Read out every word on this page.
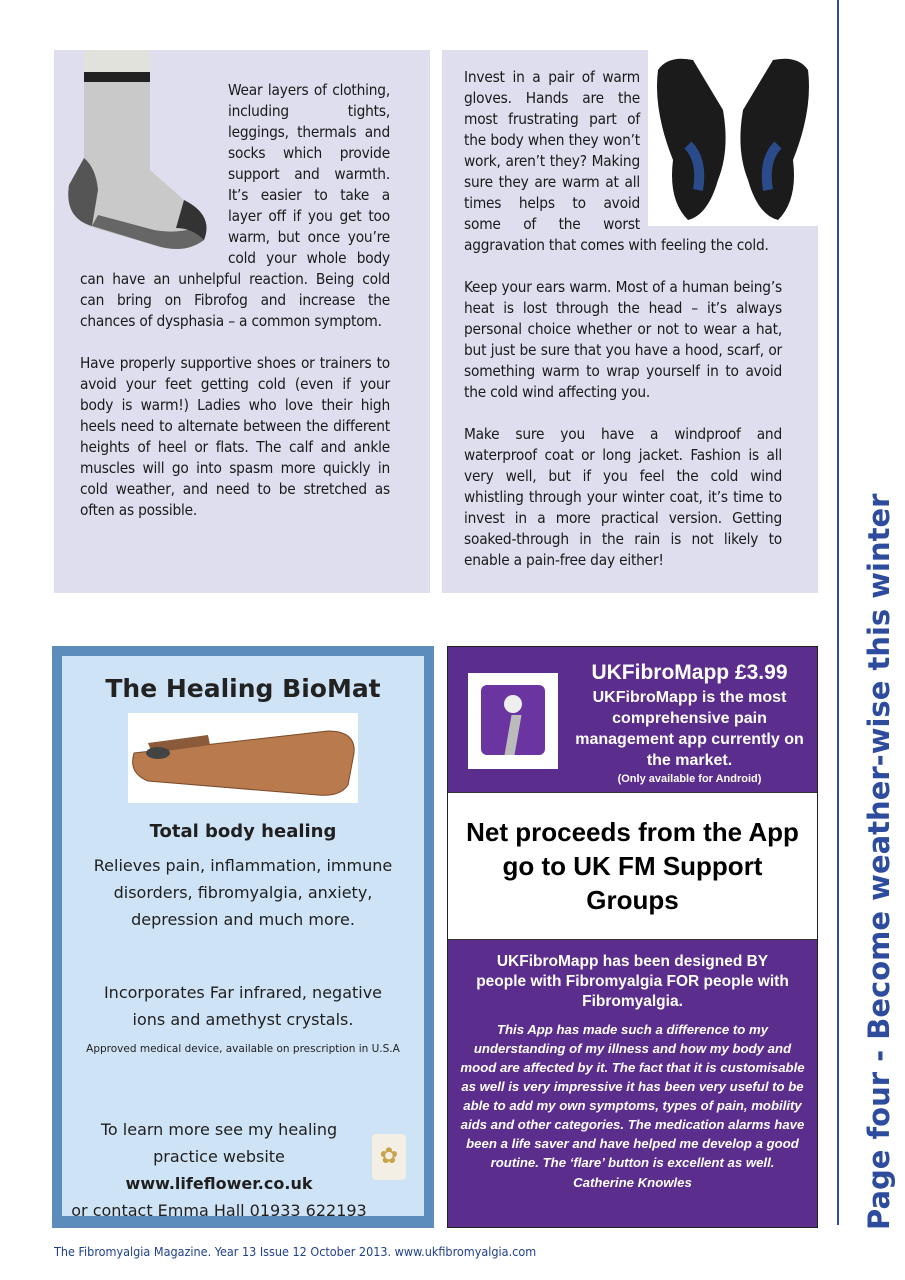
Wear layers of clothing, including tights, leggings, thermals and socks which provide support and warmth. It’s easier to take a layer off if you get too warm, but once you’re cold your whole body can have an unhelpful reaction. Being cold can bring on Fibrofog and increase the chances of dysphasia – a common symptom.

Have properly supportive shoes or trainers to avoid your feet getting cold (even if your body is warm!) Ladies who love their high heels need to alternate between the different heights of heel or flats. The calf and ankle muscles will go into spasm more quickly in cold weather, and need to be stretched as often as possible.

Invest in a pair of warm gloves. Hands are the most frustrating part of the body when they won’t work, aren’t they? Making sure they are warm at all times helps to avoid some of the worst aggravation that comes with feeling the cold.

Keep your ears warm. Most of a human being’s heat is lost through the head – it’s always personal choice whether or not to wear a hat, but just be sure that you have a hood, scarf, or something warm to wrap yourself in to avoid the cold wind affecting you.

Make sure you have a windproof and waterproof coat or long jacket. Fashion is all very well, but if you feel the cold wind whistling through your winter coat, it’s time to invest in a more practical version. Getting soaked-through in the rain is not likely to enable a pain-free day either!

The Healing BioMat
Total body healing
Relieves pain, inflammation, immune disorders, fibromyalgia, anxiety, depression and much more.
Incorporates Far infrared, negative ions and amethyst crystals.
Approved medical device, available on prescription in U.S.A
To learn more see my healing practice website www.lifeflower.co.uk
or contact Emma Hall 01933 622193
✿
UKFibroMapp £3.99
UKFibroMapp is the most comprehensive pain management app currently on the market.
(Only available for Android)
Net proceeds from the App go to UK FM Support Groups
UKFibroMapp has been designed BY people with Fibromyalgia FOR people with Fibromyalgia.
This App has made such a difference to my understanding of my illness and how my body and mood are affected by it. The fact that it is customisable as well is very impressive it has been very useful to be able to add my own symptoms, types of pain, mobility aids and other categories. The medication alarms have been a life saver and have helped me develop a good routine. The ‘flare’ button is excellent as well.
Catherine Knowles	Page four - Become weather-wise this winter
The Fibromyalgia Magazine. Year 13 Issue 12 October 2013. www.ukfibromyalgia.com
